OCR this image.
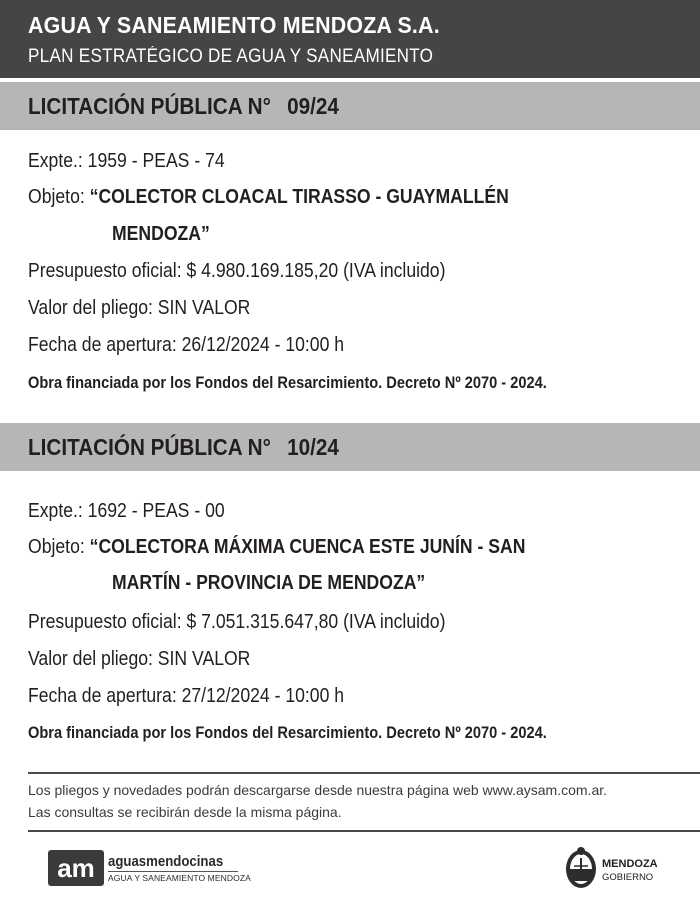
AGUA Y SANEAMIENTO MENDOZA S.A.
PLAN ESTRATÉGICO DE AGUA Y SANEAMIENTO
LICITACIÓN PÚBLICA N° 09/24
Expte.: 1959 - PEAS - 74
Objeto: “COLECTOR CLOACAL TIRASSO - GUAYMALLÉN
MENDOZA”
Presupuesto oficial: $ 4.980.169.185,20 (IVA incluido)
Valor del pliego: SIN VALOR
Fecha de apertura: 26/12/2024 - 10:00 h
Obra financiada por los Fondos del Resarcimiento. Decreto Nº 2070 - 2024.
LICITACIÓN PÚBLICA N° 10/24
Expte.: 1692 - PEAS - 00
Objeto: “COLECTORA MÁXIMA CUENCA ESTE JUNÍN - SAN
MARTÍN - PROVINCIA DE MENDOZA”
Presupuesto oficial: $ 7.051.315.647,80 (IVA incluido)
Valor del pliego: SIN VALOR
Fecha de apertura: 27/12/2024 - 10:00 h
Obra financiada por los Fondos del Resarcimiento. Decreto Nº 2070 - 2024.
Los pliegos y novedades podrán descargarse desde nuestra página web www.aysam.com.ar.
Las consultas se recibirán desde la misma página.
am aguasmendocinas
AGUA Y SANEAMIENTO MENDOZA
MENDOZA
GOBIERNO
